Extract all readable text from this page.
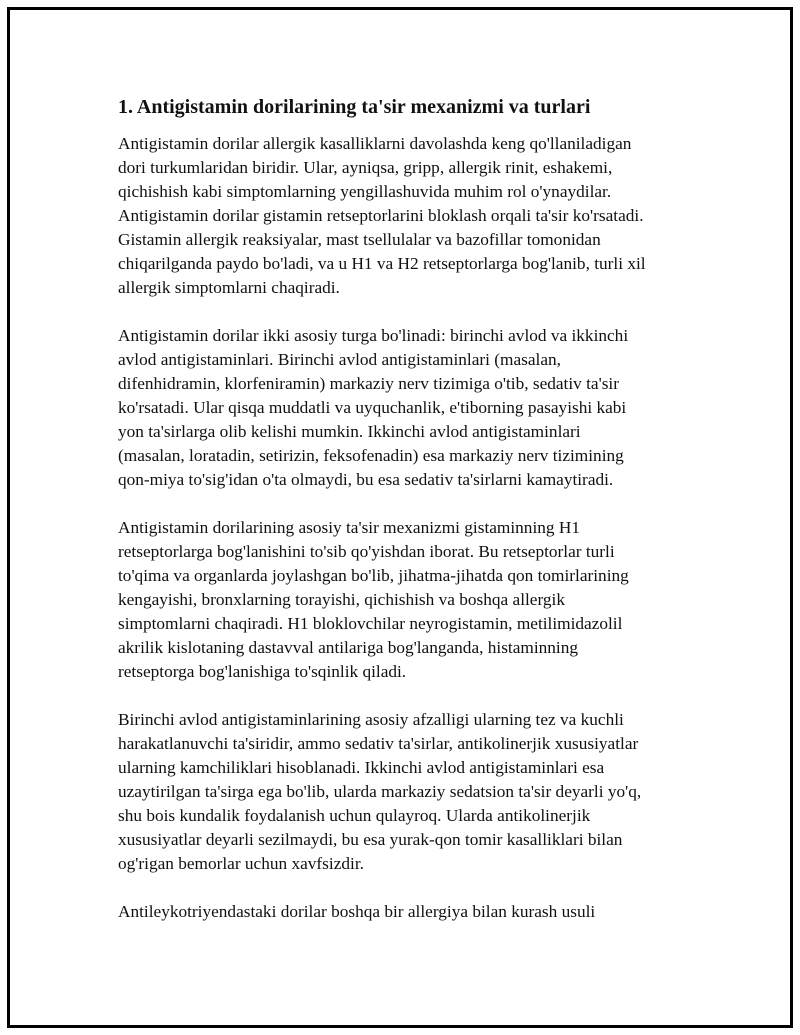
1. Antigistamin dorilarining ta'sir mexanizmi va turlari

Antigistamin dorilar allergik kasalliklarni davolashda keng qo'llaniladigan
dori turkumlaridan biridir. Ular, ayniqsa, gripp, allergik rinit, eshakemi,
qichishish kabi simptomlarning yengillashuvida muhim rol o'ynaydilar.
Antigistamin dorilar gistamin retseptorlarini bloklash orqali ta'sir ko'rsatadi.
Gistamin allergik reaksiyalar, mast tsellulalar va bazofillar tomonidan
chiqarilganda paydo bo'ladi, va u H1 va H2 retseptorlarga bog'lanib, turli xil
allergik simptomlarni chaqiradi.

Antigistamin dorilar ikki asosiy turga bo'linadi: birinchi avlod va ikkinchi
avlod antigistaminlari. Birinchi avlod antigistaminlari (masalan,
difenhidramin, klorfeniramin) markaziy nerv tizimiga o'tib, sedativ ta'sir
ko'rsatadi. Ular qisqa muddatli va uyquchanlik, e'tiborning pasayishi kabi
yon ta'sirlarga olib kelishi mumkin. Ikkinchi avlod antigistaminlari
(masalan, loratadin, setirizin, feksofenadin) esa markaziy nerv tizimining
qon-miya to'sig'idan o'ta olmaydi, bu esa sedativ ta'sirlarni kamaytiradi.

Antigistamin dorilarining asosiy ta'sir mexanizmi gistaminning H1
retseptorlarga bog'lanishini to'sib qo'yishdan iborat. Bu retseptorlar turli
to'qima va organlarda joylashgan bo'lib, jihatma-jihatda qon tomirlarining
kengayishi, bronxlarning torayishi, qichishish va boshqa allergik
simptomlarni chaqiradi. H1 bloklovchilar neyrogistamin, metilimidazolil
akrilik kislotaning dastavval antilariga bog'langanda, histaminning
retseptorga bog'lanishiga to'sqinlik qiladi.

Birinchi avlod antigistaminlarining asosiy afzalligi ularning tez va kuchli
harakatlanuvchi ta'siridir, ammo sedativ ta'sirlar, antikolinerjik xususiyatlar
ularning kamchiliklari hisoblanadi. Ikkinchi avlod antigistaminlari esa
uzaytirilgan ta'sirga ega bo'lib, ularda markaziy sedatsion ta'sir deyarli yo'q,
shu bois kundalik foydalanish uchun qulayroq. Ularda antikolinerjik
xususiyatlar deyarli sezilmaydi, bu esa yurak-qon tomir kasalliklari bilan
og'rigan bemorlar uchun xavfsizdir.

Antileykotriyendastaki dorilar boshqa bir allergiya bilan kurash usuli
